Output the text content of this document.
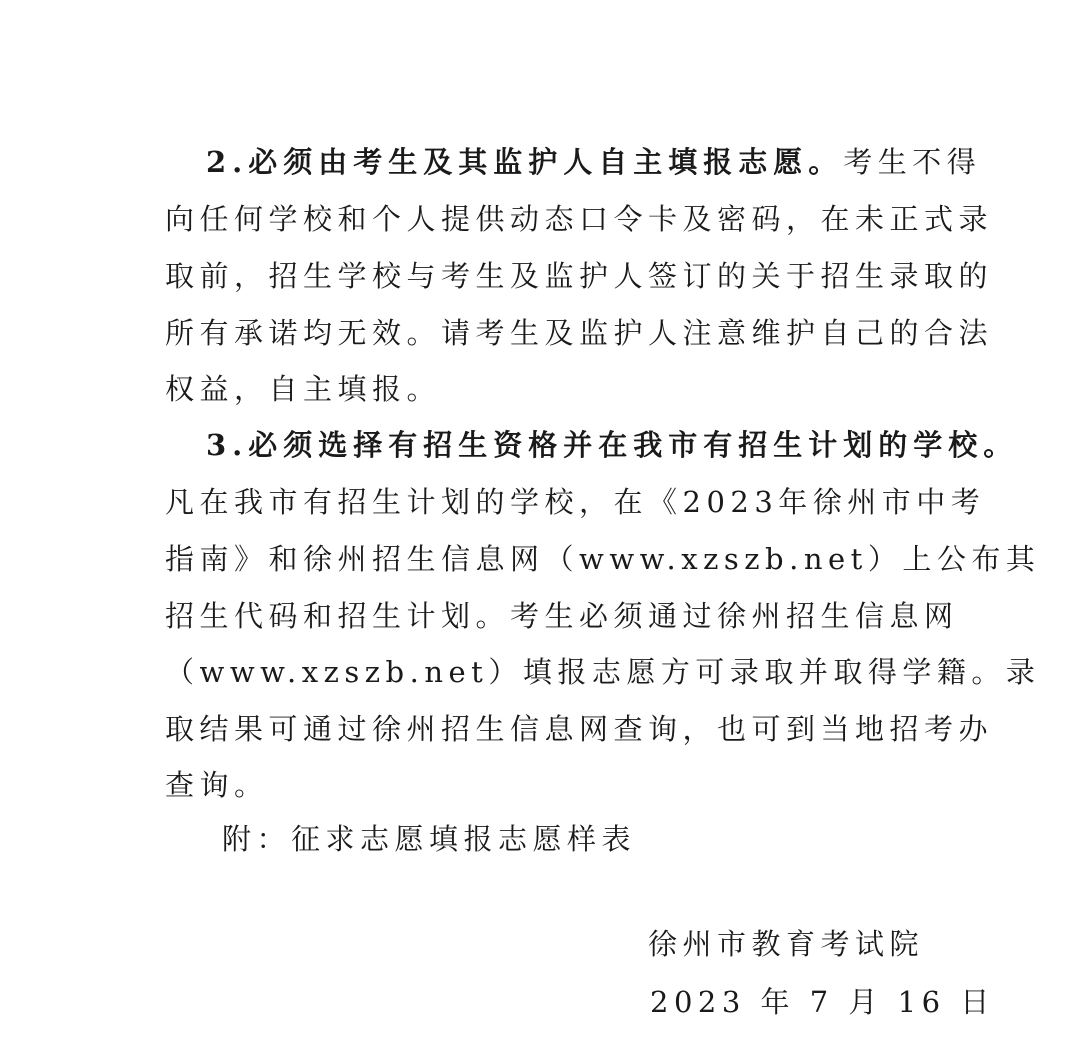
2.必须由考生及其监护人自主填报志愿。考生不得
向任何学校和个人提供动态口令卡及密码，在未正式录
取前，招生学校与考生及监护人签订的关于招生录取的
所有承诺均无效。请考生及监护人注意维护自己的合法
权益，自主填报。
3.必须选择有招生资格并在我市有招生计划的学校。
凡在我市有招生计划的学校，在《2023年徐州市中考
指南》和徐州招生信息网（www.xzszb.net）上公布其
招生代码和招生计划。考生必须通过徐州招生信息网
（www.xzszb.net）填报志愿方可录取并取得学籍。录
取结果可通过徐州招生信息网查询，也可到当地招考办
查询。
附：征求志愿填报志愿样表
徐州市教育考试院
2023 年 7 月 16 日
